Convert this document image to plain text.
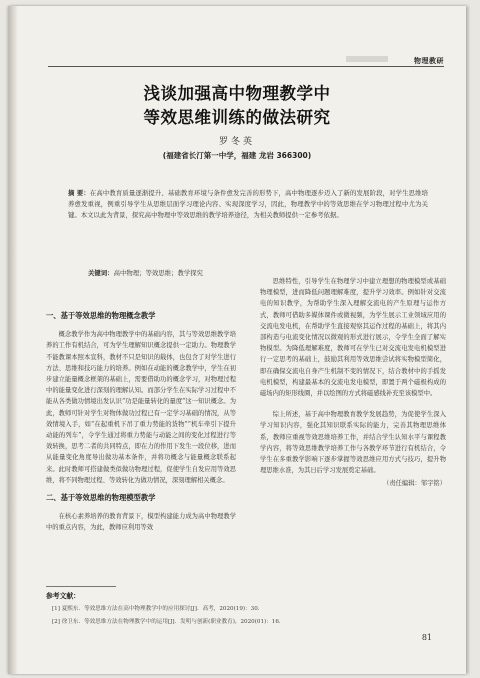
物理教研
浅谈加强高中物理教学中
等效思维训练的做法研究
罗冬英
(福建省长汀第一中学，福建 龙岩 366300)
摘 要：在高中教育质量逐渐提升、基础教育环境与条件愈发完善的形势下，高中物理逐步迈入了新的发展阶段，对学生思维培养愈发重视，例重引导学生从思维层面学习理论内容、实现深度学习，因此，物理教学中的等效思维在学习物理过程中尤为关键。本文以此为背景，探究高中物理中等效思维的教学培养途径，为相关教师提供一定参考依据。
关键词：高中物理；等效思维；教学探究
一、基于等效思维的物理概念教学

概念教学作为高中物理教学中的基础内容，其与等效思维教学培养的工作有机结合，可为学生理解知识概念提供一定助力。物理教学不能教课本照本宣科，教材不只是知识的载体，也包含了对学生进行方法、思维和技巧能力的培养。例如在动能的概念教学中，学生在初步建立能量概念框架的基础上，需要借助功的概念学习，对物理过程中的能量变化进行深刻的理解认知。而部分学生在实际学习过程中不能从各类做功情境出发认识“功是能量转化的量度”这一知识概念。为此，教师可针对学生对物体做功过程已有一定学习基础的情况，从等效情境入手，如“在起重机下吊了重力势能的货物”“机车牵引下提升动能的列车”，令学生通过将重力势能与动能之间的变化过程进行等效转换，思考二者的共同特点，即在力的作用下发生一段位移，进而从能量变化角度导出做功基本条件，并将功概念与能量概念联系起来。此时教师可搭建做类似做功物理过程，促使学生自发应用等效思维，将不同物理过程、等效转化为做功情况，深刻理解相关概念。

二、基于等效思维的物理模型教学

在核心素养培养的教育背景下，模型构建能力成为高中物理教学中的重点内容，为此，教师应利用等效

思维特性，引导学生在物理学习中建立理想的物理模型或基础物理模型，进而降低问题理解难度，提升学习效率。例如针对交流电的知识教学，为帮助学生深入理解交流电的产生原理与运作方式，教师可借助多媒体课件或微视频，为学生展示工业领域应用的交流电发电机，在帮助学生直接观察其运作过程的基础上，将其内部构造与电流变化情况以微观的形式进行展示，令学生全面了解实物模型。为降低理解难度，教师可在学生已对交流电发电机模型进行一定思考的基础上，鼓励其利用等效思维尝试将实物模型简化，即在确保交流电自身产生机制不变的情况下，结合教材中的手摇发电机模型，构建最基本的交流电发电模型，即置于两个磁极构成的磁场内的矩形线圈，并以绘图的方式将磁感线补充至该模型中。

综上所述，基于高中物理教育教学发展趋势，为促使学生深入学习知识内容，强化其知识联系实际的能力，完善其物理思维体系，教师应重视等效思维培养工作，并结合学生认知水平与课程教学内容，将等效思维教学培养工作与各教学环节进行有机结合，令学生在多重教学影响下逐步掌握等效思维应用方式与技巧，提升物理思维水准，为其日后学习发展奠定基础。

（责任编辑：邹宇铭）
参考文献：
[1] 夏熙东．等效思维方法在高中物理教学中的应用探讨[J]．高考，2020(19)：30.
[2] 徐卫东．等效思维方法在物理教学中的运用[J]．发明与创新(职业教育)，2020(01)：16.
81
